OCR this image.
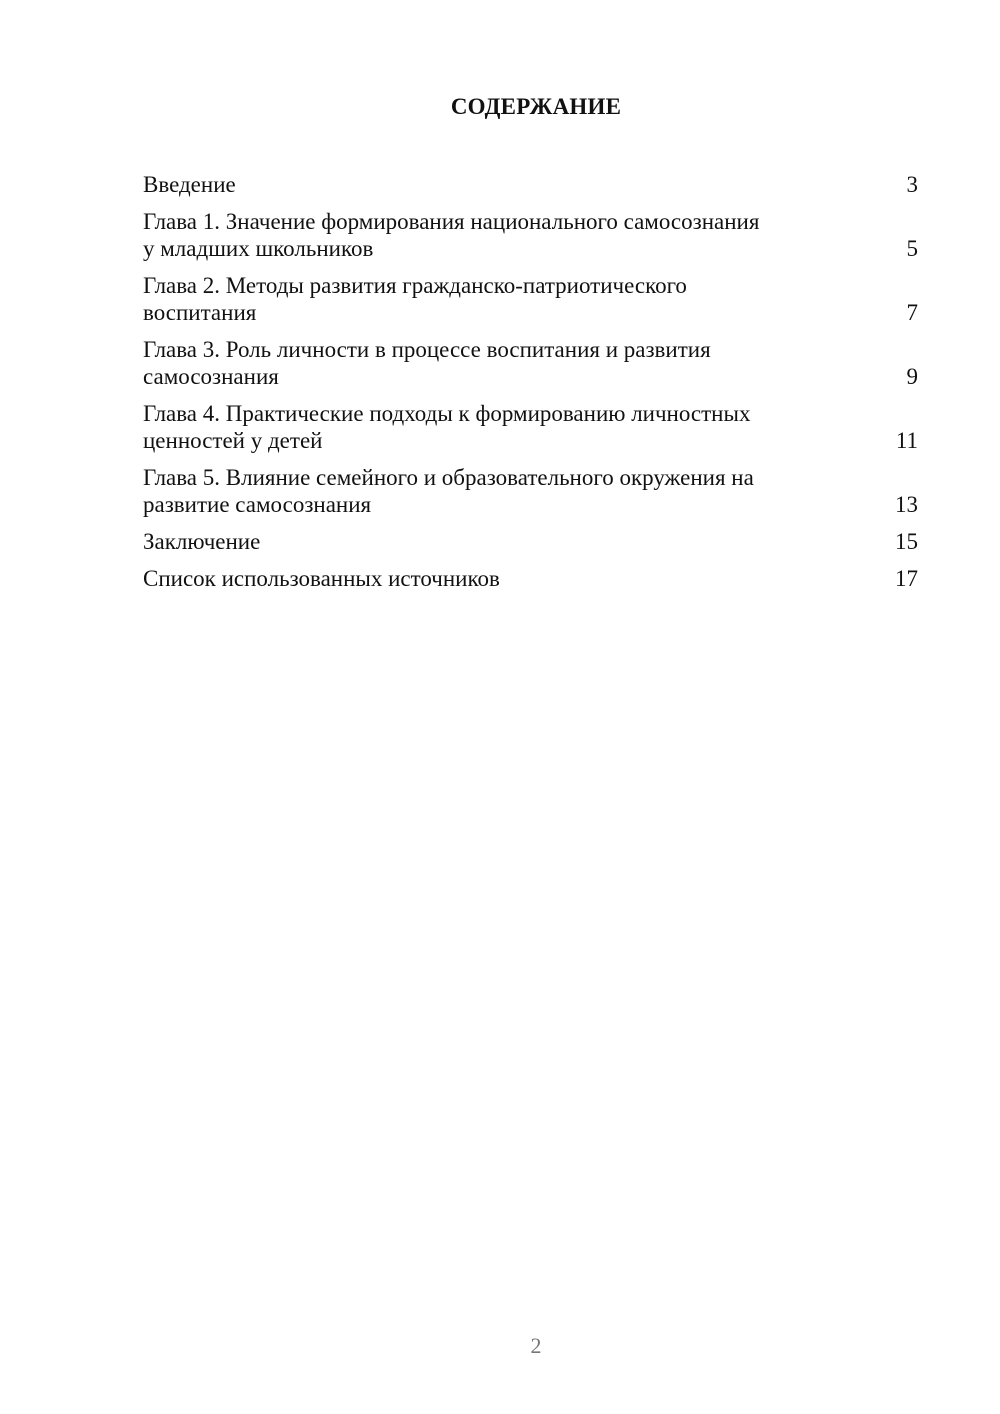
СОДЕРЖАНИЕ
Введение	3
Глава 1. Значение формирования национального самосознания
у младших школьников	5
Глава 2. Методы развития гражданско-патриотического
воспитания	7
Глава 3. Роль личности в процессе воспитания и развития
самосознания	9
Глава 4. Практические подходы к формированию личностных
ценностей у детей	11
Глава 5. Влияние семейного и образовательного окружения на
развитие самосознания	13
Заключение	15
Список использованных источников	17
2
